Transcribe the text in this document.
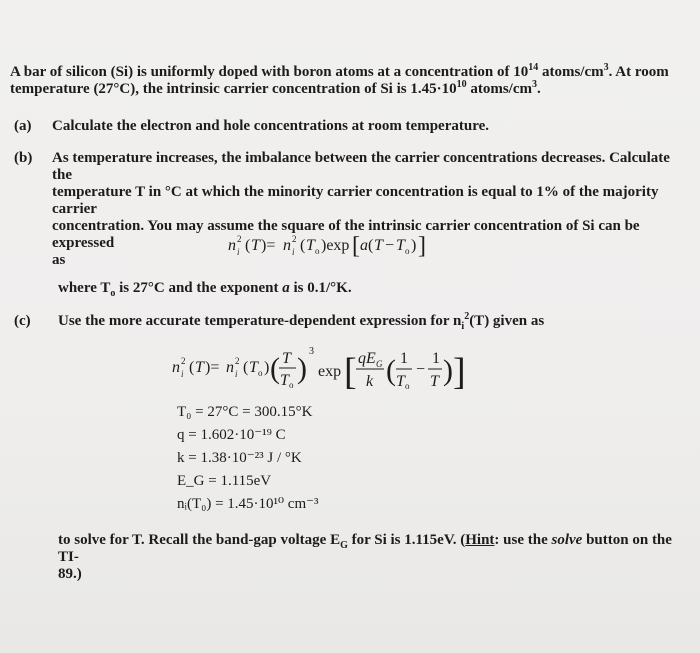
A bar of silicon (Si) is uniformly doped with boron atoms at a concentration of $10^{14}$ atoms/$cm^3$. At room
temperature (27°C), the intrinsic carrier concentration of Si is $1.45\cdot 10^{10}$ atoms/$cm^3$.
(a) Calculate the electron and hole concentrations at room temperature.
(b) As temperature increases, the imbalance between the carrier concentrations decreases. Calculate the
temperature T in °C at which the minority carrier concentration is equal to 1% of the majority carrier
concentration. You may assume the square of the intrinsic carrier concentration of Si can be expressed
as
n 2
i ( T )= n 2
i ( T o )exp [ a ( T − T o ) ]
where $T_o$ is 27°C and the exponent a is 0.1/°K.
(c) Use the more accurate temperature-dependent expression for $n_i^2(T)$ given as
n 2
i ( T )= n 2
i ( T o ) ( T
T o )
3
exp [ qE G
k ( 1
T o
−
1
T ) ]
T₀ = 27°C = 300.15°K
q = 1.602·10⁻¹⁹ C
k = 1.38·10⁻²³ J / °K
E_G = 1.115eV
nᵢ(T₀) = 1.45·10¹⁰ cm⁻³
to solve for T. Recall the band-gap voltage $E_G$ for Si is 1.115eV. (Hint: use the solve button on the TI-
89.)
